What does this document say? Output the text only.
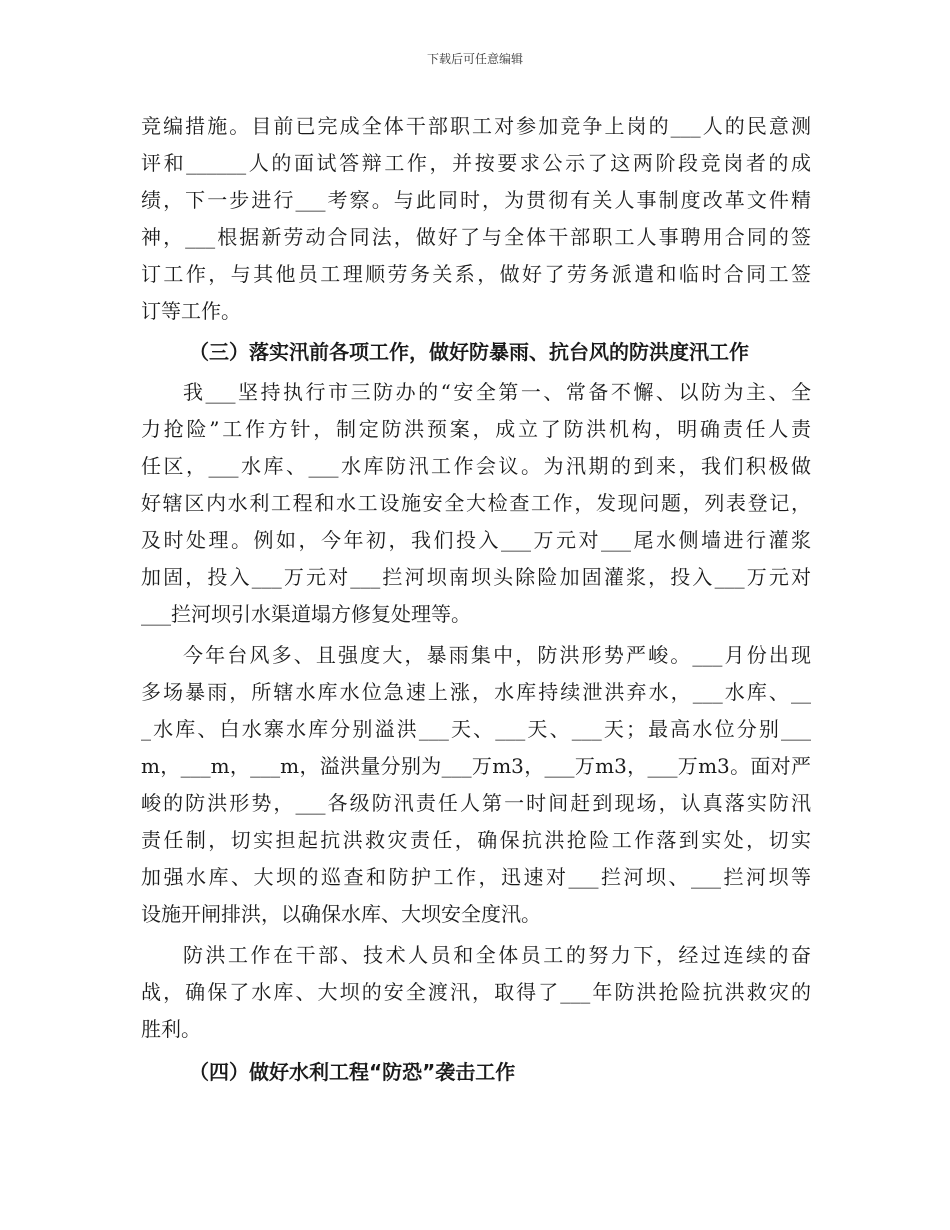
下载后可任意编辑
竞编措施。目前已完成全体干部职工对参加竞争上岗的___人的民意测
评和______人的面试答辩工作，并按要求公示了这两阶段竞岗者的成
绩，下一步进行___考察。与此同时，为贯彻有关人事制度改革文件精
神，___根据新劳动合同法，做好了与全体干部职工人事聘用合同的签
订工作，与其他员工理顺劳务关系，做好了劳务派遣和临时合同工签
订等工作。
（三）落实汛前各项工作，做好防暴雨、抗台风的防洪度汛工作
我___坚持执行市三防办的“安全第一、常备不懈、以防为主、全
力抢险”工作方针，制定防洪预案，成立了防洪机构，明确责任人责
任区，___水库、___水库防汛工作会议。为汛期的到来，我们积极做
好辖区内水利工程和水工设施安全大检查工作，发现问题，列表登记，
及时处理。例如，今年初，我们投入___万元对___尾水侧墙进行灌浆
加固，投入___万元对___拦河坝南坝头除险加固灌浆，投入___万元对
___拦河坝引水渠道塌方修复处理等。
今年台风多、且强度大，暴雨集中，防洪形势严峻。___月份出现
多场暴雨，所辖水库水位急速上涨，水库持续泄洪弃水，___水库、__
_水库、白水寨水库分别溢洪___天、___天、___天；最高水位分别___
m，___m，___m，溢洪量分别为___万m3，___万m3，___万m3。面对严
峻的防洪形势，___各级防汛责任人第一时间赶到现场，认真落实防汛
责任制，切实担起抗洪救灾责任，确保抗洪抢险工作落到实处，切实
加强水库、大坝的巡查和防护工作，迅速对___拦河坝、___拦河坝等
设施开闸排洪，以确保水库、大坝安全度汛。
防洪工作在干部、技术人员和全体员工的努力下，经过连续的奋
战，确保了水库、大坝的安全渡汛，取得了___年防洪抢险抗洪救灾的
胜利。
（四）做好水利工程“防恐”袭击工作
